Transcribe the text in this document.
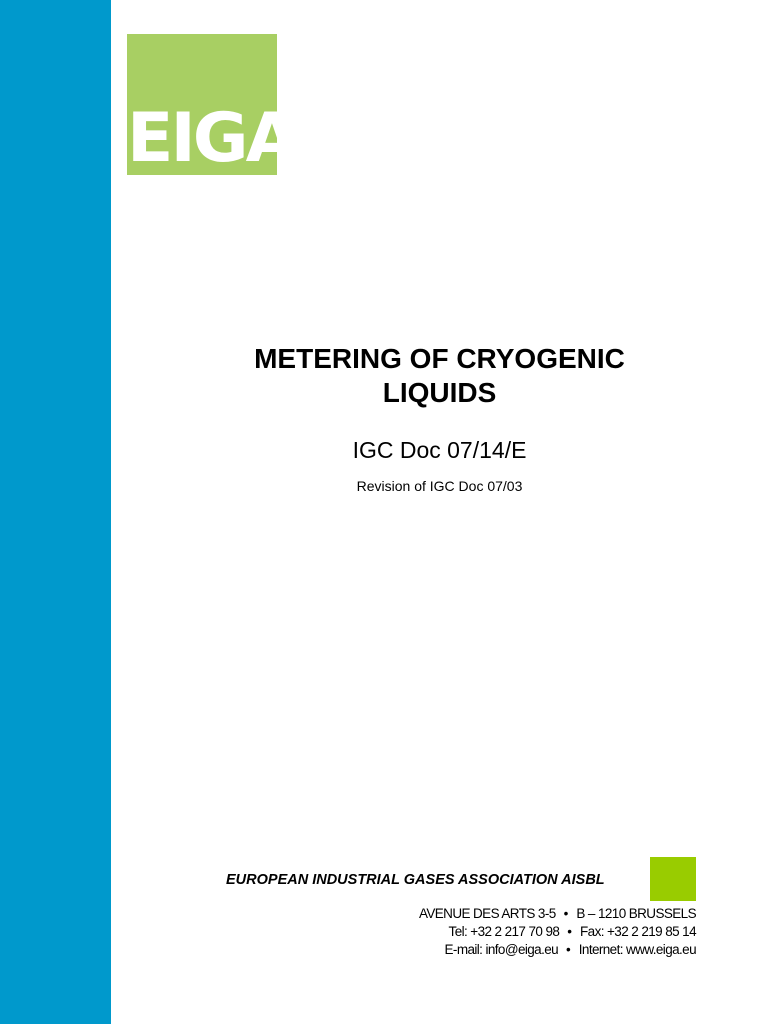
EIGA
METERING OF CRYOGENIC
LIQUIDS
IGC Doc 07/14/E
Revision of IGC Doc 07/03
EUROPEAN INDUSTRIAL GASES ASSOCIATION AISBL
AVENUE DES ARTS 3-5 • B – 1210 BRUSSELS
Tel: +32 2 217 70 98 • Fax: +32 2 219 85 14
E-mail: info@eiga.eu • Internet: www.eiga.eu
